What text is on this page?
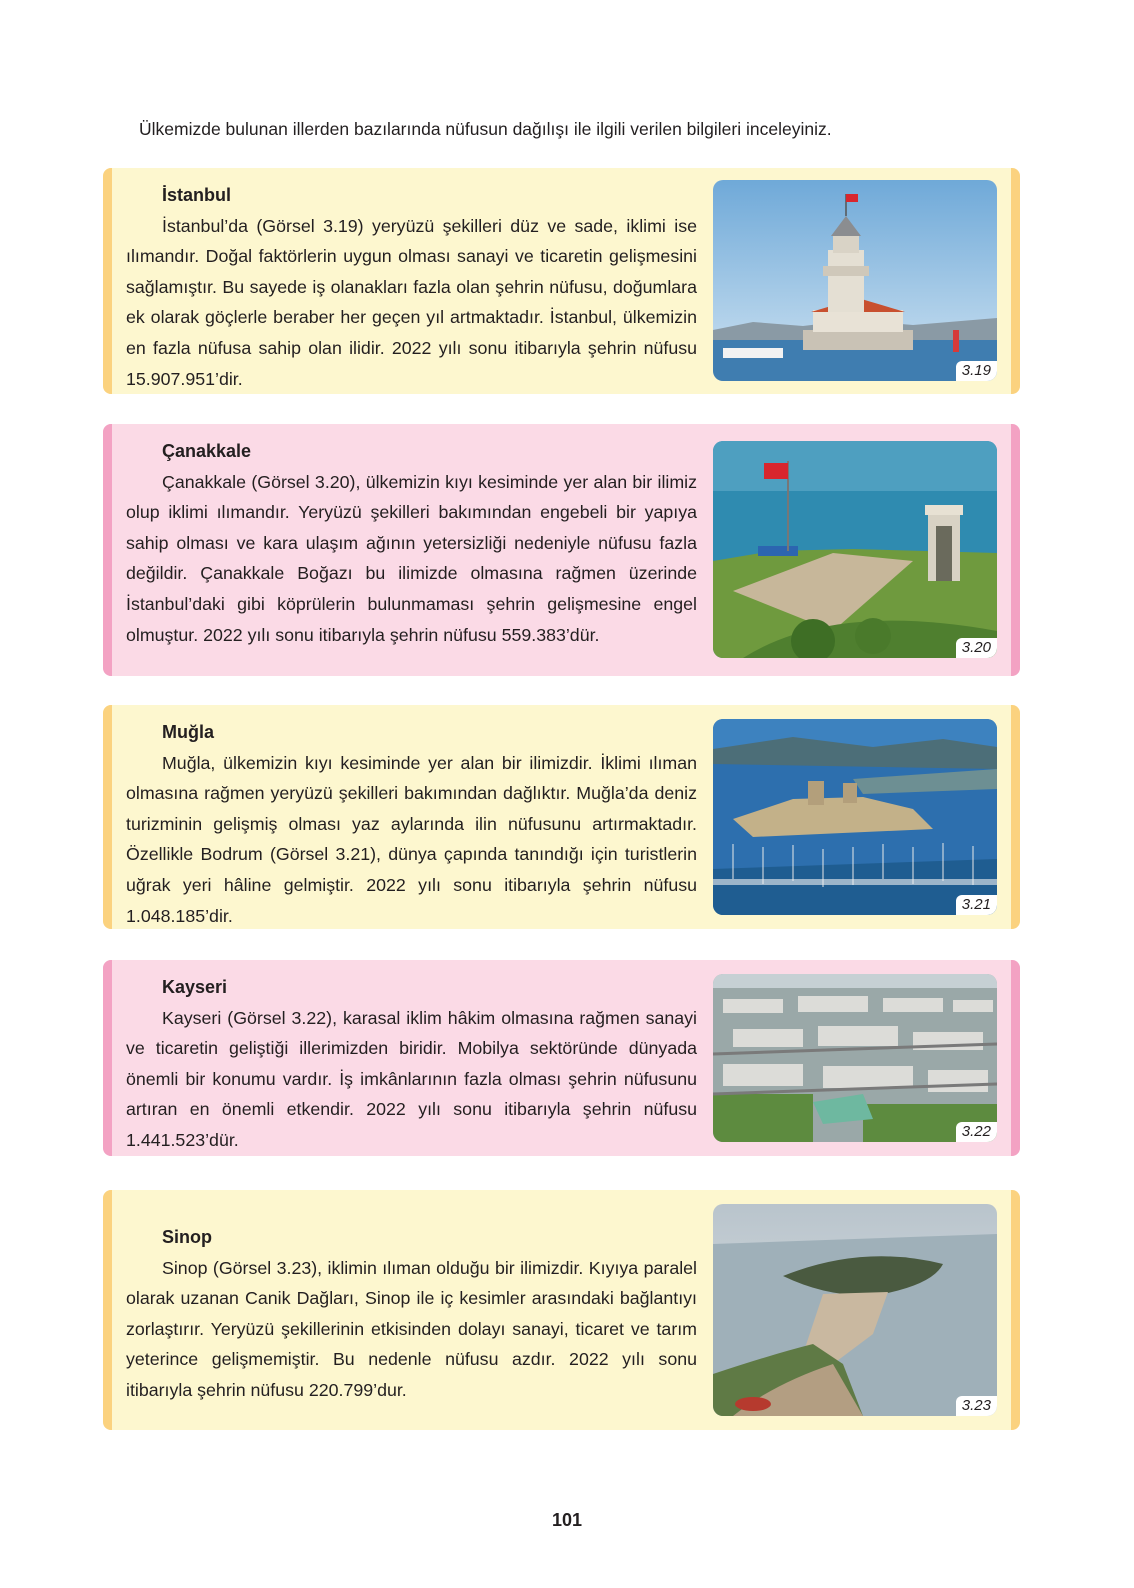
Ülkemizde bulunan illerden bazılarında nüfusun dağılışı ile ilgili verilen bilgileri inceleyiniz.
İstanbul

İstanbul’da (Görsel 3.19) yeryüzü şekilleri düz ve sade, iklimi ise ılımandır. Doğal faktörlerin uygun olması sanayi ve ticaretin gelişmesini sağlamıştır. Bu sayede iş olanakları fazla olan şehrin nüfusu, doğumlara ek olarak göçlerle beraber her geçen yıl artmaktadır. İstanbul, ülkemizin en fazla nüfusa sahip olan ilidir. 2022 yılı sonu itibarıyla şehrin nüfusu 15.907.951’dir.	3.19
Çanakkale

Çanakkale (Görsel 3.20), ülkemizin kıyı kesiminde yer alan bir ilimiz olup iklimi ılımandır. Yeryüzü şekilleri bakımından engebeli bir yapıya sahip olması ve kara ulaşım ağının yetersizliği nedeniyle nüfusu fazla değildir. Çanakkale Boğazı bu ilimizde olmasına rağmen üzerinde İstanbul’daki gibi köprülerin bulunmaması şehrin gelişmesine engel olmuştur. 2022 yılı sonu itibarıyla şehrin nüfusu 559.383’dür.

3.20
Muğla

Muğla, ülkemizin kıyı kesiminde yer alan bir ilimizdir. İklimi ılıman olmasına rağmen yeryüzü şekilleri bakımından dağlıktır. Muğla’da deniz turizminin gelişmiş olması yaz aylarında ilin nüfusunu artırmaktadır. Özellikle Bodrum (Görsel 3.21), dünya çapında tanındığı için turistlerin uğrak yeri hâline gelmiştir. 2022 yılı sonu itibarıyla şehrin nüfusu 1.048.185’dir.

3.21
Kayseri

Kayseri (Görsel 3.22), karasal iklim hâkim olmasına rağmen sanayi ve ticaretin geliştiği illerimizden biridir. Mobilya sektöründe dünyada önemli bir konumu vardır. İş imkânlarının fazla olması şehrin nüfusunu artıran en önemli etkendir. 2022 yılı sonu itibarıyla şehrin nüfusu 1.441.523’dür.	3.22
Sinop

Sinop (Görsel 3.23), iklimin ılıman olduğu bir ilimizdir. Kıyıya paralel olarak uzanan Canik Dağları, Sinop ile iç kesimler arasındaki bağlantıyı zorlaştırır. Yeryüzü şekillerinin etkisinden dolayı sanayi, ticaret ve tarım yeterince gelişmemiştir. Bu nedenle nüfusu azdır. 2022 yılı sonu itibarıyla şehrin nüfusu 220.799’dur.

3.23
101
